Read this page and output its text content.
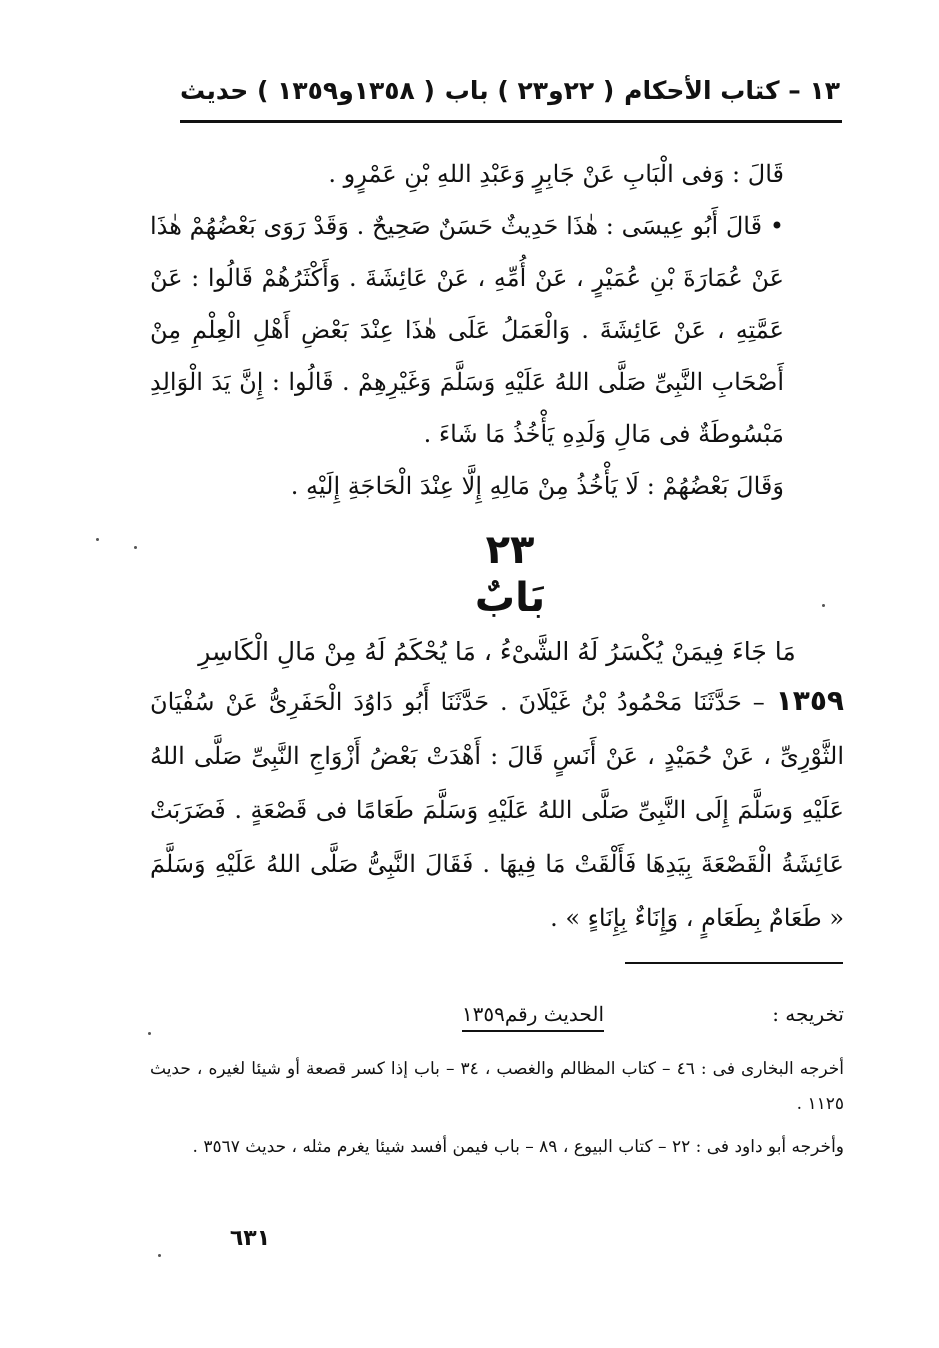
١٣ – كتاب الأحكام
( ٢٢و٢٣ ) باب
( ١٣٥٨و١٣٥٩ ) حديث

قَالَ : وَفى الْبَابِ عَنْ جَابِرٍ وَعَبْدِ اللهِ بْنِ عَمْرٍو .

• قَالَ أَبُو عِيسَى : هٰذَا حَدِيثٌ حَسَنٌ صَحِيحٌ . وَقَدْ رَوَى بَعْضُهُمْ هٰذَا عَنْ عُمَارَةَ بْنِ عُمَيْرٍ ، عَنْ أُمِّهِ ، عَنْ عَائِشَةَ . وَأَكْثَرُهُمْ قَالُوا : عَنْ عَمَّتِهِ ، عَنْ عَائِشَةَ . وَالْعَمَلُ عَلَى هٰذَا عِنْدَ بَعْضِ أَهْلِ الْعِلْمِ مِنْ أَصْحَابِ النَّبِىِّ صَلَّى اللهُ عَلَيْهِ وَسَلَّمَ وَغَيْرِهِمْ . قَالُوا : إِنَّ يَدَ الْوَالِدِ مَبْسُوطَةٌ فى مَالِ وَلَدِهِ يَأْخُذُ مَا شَاءَ .

وَقَالَ بَعْضُهُمْ : لَا يَأْخُذُ مِنْ مَالِهِ إِلَّا عِنْدَ الْحَاجَةِ إِلَيْهِ .

٢٣
بَابٌ
مَا جَاءَ فِيمَنْ يُكْسَرُ لَهُ الشَّىْءُ ، مَا يُحْكَمُ لَهُ مِنْ مَالِ الْكَاسِرِ
١٣٥٩ – حَدَّثَنَا مَحْمُودُ بْنُ غَيْلَانَ . حَدَّثَنَا أَبُو دَاوُدَ الْحَفَرِىُّ عَنْ سُفْيَانَ الثَّوْرِىِّ ، عَنْ حُمَيْدٍ ، عَنْ أَنَسٍ قَالَ : أَهْدَتْ بَعْضُ أَزْوَاجِ النَّبِىِّ صَلَّى اللهُ عَلَيْهِ وَسَلَّمَ إِلَى النَّبِىِّ صَلَّى اللهُ عَلَيْهِ وَسَلَّمَ طَعَامًا فى قَصْعَةٍ . فَضَرَبَتْ عَائِشَةُ الْقَصْعَةَ بِيَدِهَا فَأَلْقَتْ مَا فِيهَا . فَقَالَ النَّبِىُّ صَلَّى اللهُ عَلَيْهِ وَسَلَّمَ « طَعَامٌ بِطَعَامٍ ، وَإِنَاءٌ بِإِنَاءٍ » .
تخريجه :
الحديث رقم١٣٥٩

أخرجه البخارى فى : ٤٦ – كتاب المظالم والغصب ، ٣٤ – باب إذا كسر قصعة أو شيئا لغيره ، حديث ١١٢٥ .

وأخرجه أبو داود فى : ٢٢ – كتاب البيوع ، ٨٩ – باب فيمن أفسد شيئا يغرم مثله ، حديث ٣٥٦٧ .

٦٣١
